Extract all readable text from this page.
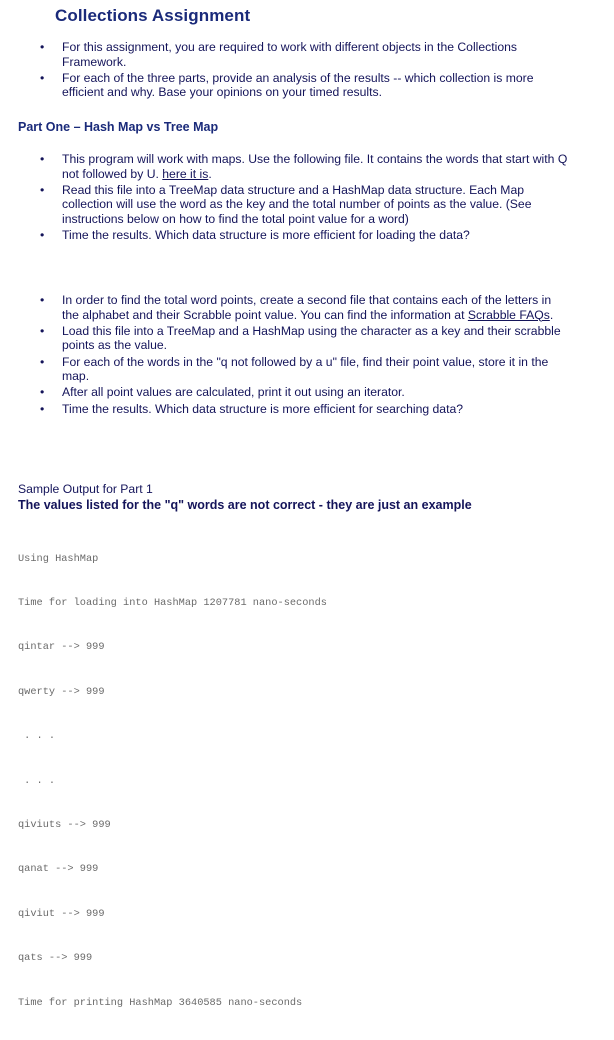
Collections Assignment
•	For this assignment, you are required to work with different objects in the Collections Framework.
•	For each of the three parts, provide an analysis of the results -- which collection is more efficient and why. Base your opinions on your timed results.
Part One – Hash Map vs Tree Map
•	This program will work with maps. Use the following file. It contains the words that start with Q not followed by U. here it is.
•	Read this file into a TreeMap data structure and a HashMap data structure. Each Map collection will use the word as the key and the total number of points as the value. (See instructions below on how to find the total point value for a word)
•	Time the results. Which data structure is more efficient for loading the data?
•	In order to find the total word points, create a second file that contains each of the letters in the alphabet and their Scrabble point value. You can find the information at Scrabble FAQs.
•	Load this file into a TreeMap and a HashMap using the character as a key and their scrabble points as the value.
•	For each of the words in the "q not followed by a u" file, find their point value, store it in the map.
•	After all point values are calculated, print it out using an iterator.
•	Time the results. Which data structure is more efficient for searching data?
Sample Output for Part 1
The values listed for the "q" words are not correct - they are just an example

Using HashMap

Time for loading into HashMap 1207781 nano-seconds

qintar --> 999

qwerty --> 999

. . .

. . .

qiviuts --> 999

qanat --> 999

qiviut --> 999

qats --> 999

Time for printing HashMap 3640585 nano-seconds
